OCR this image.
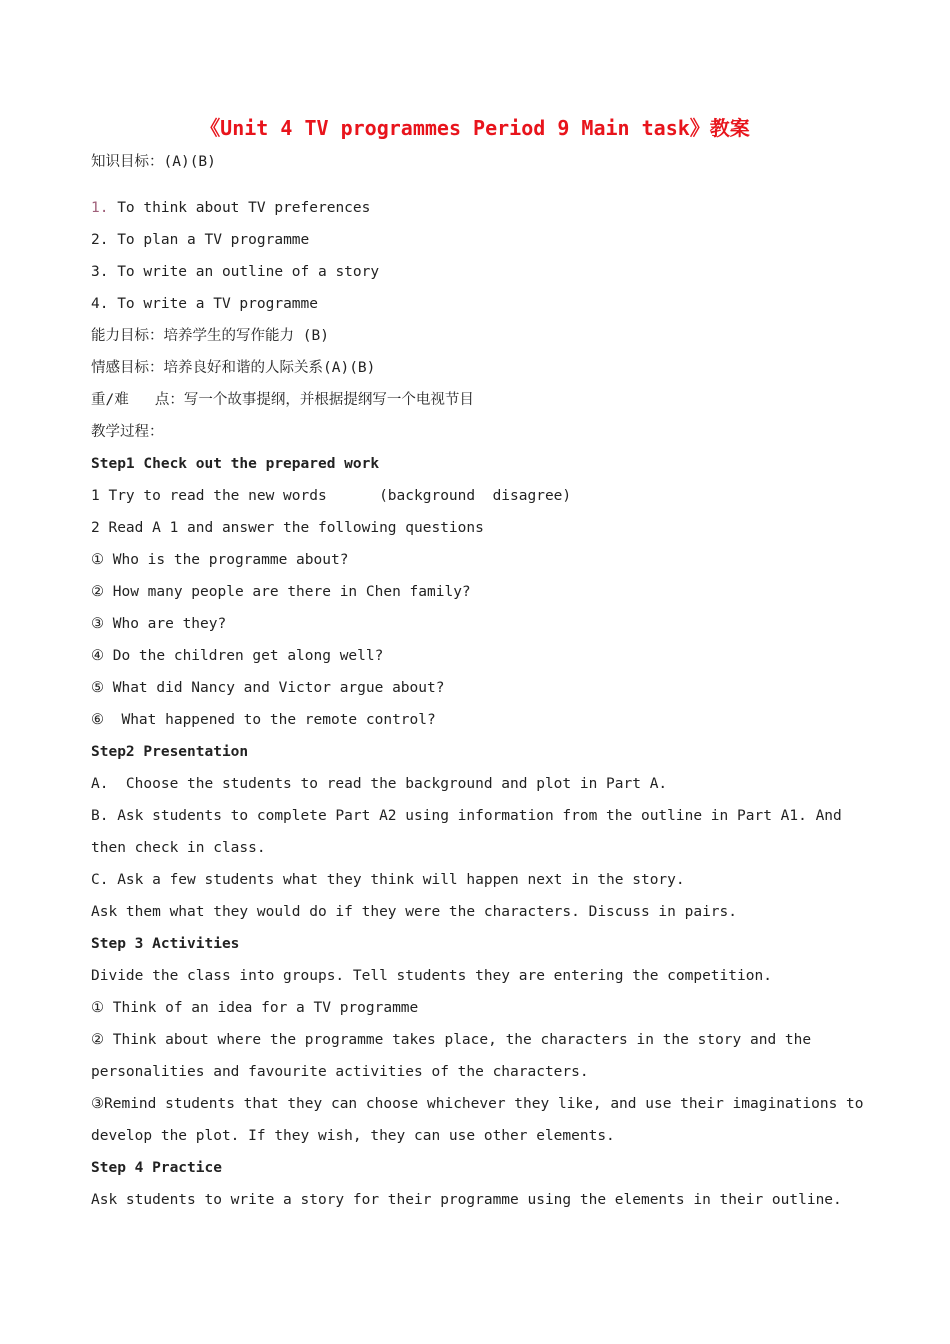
《Unit 4 TV programmes Period 9 Main task》教案
知识目标：(A)(B)
1. To think about TV preferences
2. To plan a TV programme
3. To write an outline of a story
4. To write a TV programme
能力目标：培养学生的写作能力 (B)
情感目标：培养良好和谐的人际关系(A)(B)
重/难   点：写一个故事提纲，并根据提纲写一个电视节目
教学过程：
Step1 Check out the prepared work
1 Try to read the new words      (background  disagree)
2 Read A 1 and answer the following questions
① Who is the programme about?
② How many people are there in Chen family?
③ Who are they?
④ Do the children get along well?
⑤ What did Nancy and Victor argue about?
⑥  What happened to the remote control?
Step2 Presentation
A.  Choose the students to read the background and plot in Part A.
B. Ask students to complete Part A2 using information from the outline in Part A1. And then check in class.
C. Ask a few students what they think will happen next in the story.
Ask them what they would do if they were the characters. Discuss in pairs.
Step 3 Activities
Divide the class into groups. Tell students they are entering the competition.
① Think of an idea for a TV programme
② Think about where the programme takes place, the characters in the story and the personalities and favourite activities of the characters.
③Remind students that they can choose whichever they like, and use their imaginations to develop the plot. If they wish, they can use other elements.
Step 4 Practice
Ask students to write a story for their programme using the elements in their outline.
